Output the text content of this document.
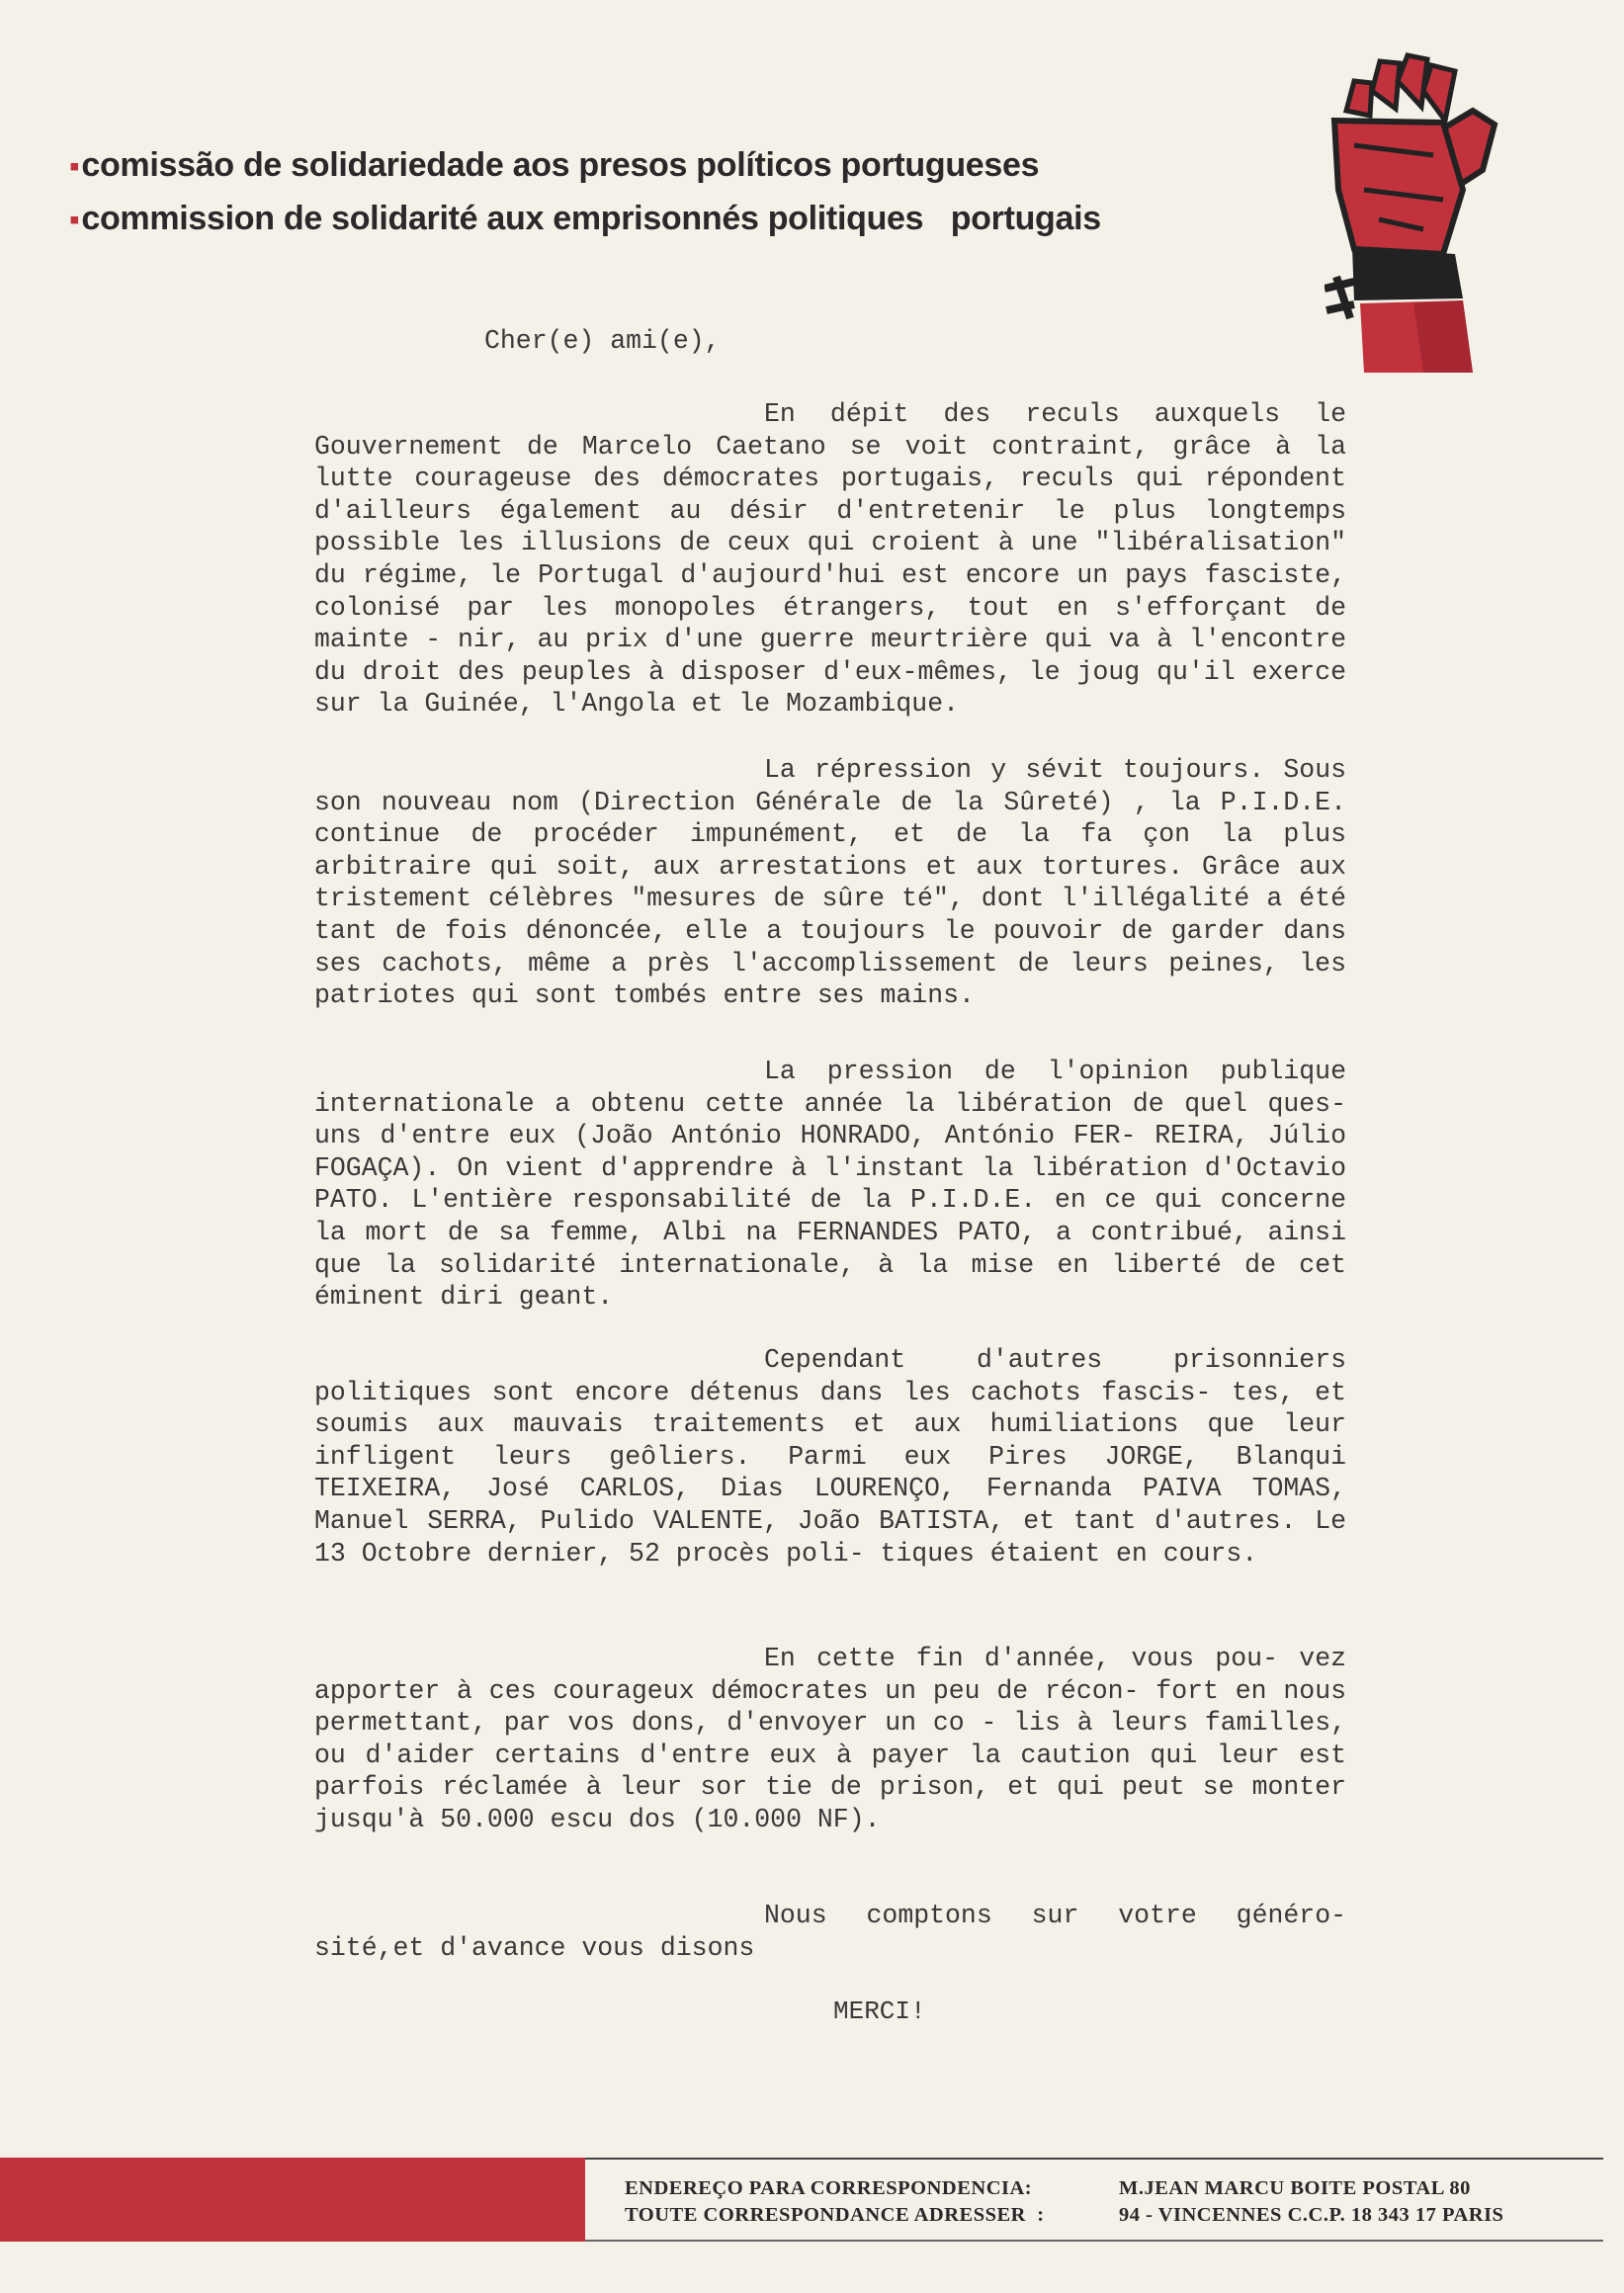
▪comissão de solidariedade aos presos políticos portugueses
▪commission de solidarité aux emprisonnés politiques   portugais
Cher(e) ami(e),

En dépit des reculs auxquels le Gouvernement de Marcelo Caetano se voit contraint, grâce à la lutte courageuse des démocrates portugais, reculs qui répondent d'ailleurs également au désir d'entretenir le plus longtemps possible les illusions de ceux qui croient à une "libéralisation" du régime, le Portugal d'aujourd'hui est encore un pays fasciste, colonisé par les monopoles étrangers, tout en s'efforçant de mainte - nir, au prix d'une guerre meurtrière qui va à l'encontre du droit des peuples à disposer d'eux-mêmes, le joug qu'il exerce sur la Guinée, l'Angola et le Mozambique.

La répression y sévit toujours. Sous son nouveau nom (Direction Générale de la Sûreté) , la P.I.D.E. continue de procéder impunément, et de la fa çon la plus arbitraire qui soit, aux arrestations et aux tortures. Grâce aux tristement célèbres "mesures de sûre té", dont l'illégalité a été tant de fois dénoncée, elle a toujours le pouvoir de garder dans ses cachots, même a près l'accomplissement de leurs peines, les patriotes qui sont tombés entre ses mains.

La pression de l'opinion publique internationale a obtenu cette année la libération de quel ques-uns d'entre eux (João António HONRADO, António FER- REIRA, Júlio FOGAÇA). On vient d'apprendre à l'instant la libération d'Octavio PATO. L'entière responsabilité de la P.I.D.E. en ce qui concerne la mort de sa femme, Albi na FERNANDES PATO, a contribué, ainsi que la solidarité internationale, à la mise en liberté de cet éminent diri geant.

Cependant d'autres prisonniers politiques sont encore détenus dans les cachots fascis- tes, et soumis aux mauvais traitements et aux humiliations que leur infligent leurs geôliers. Parmi eux Pires JORGE, Blanqui TEIXEIRA, José CARLOS, Dias LOURENÇO, Fernanda PAIVA TOMAS, Manuel SERRA, Pulido VALENTE, João BATISTA, et tant d'autres. Le 13 Octobre dernier, 52 procès poli- tiques étaient en cours.

En cette fin d'année, vous pou- vez apporter à ces courageux démocrates un peu de récon- fort en nous permettant, par vos dons, d'envoyer un co - lis à leurs familles, ou d'aider certains d'entre eux à payer la caution qui leur est parfois réclamée à leur sor tie de prison, et qui peut se monter jusqu'à 50.000 escu dos (10.000 NF).

Nous comptons sur votre généro- sité,et d'avance vous disons

MERCI!
ENDEREÇO PARA CORRESPONDENCIA:
TOUTE CORRESPONDANCE ADRESSER  :
M.JEAN MARCU BOITE POSTAL 80
94 - VINCENNES C.C.P. 18 343 17 PARIS
